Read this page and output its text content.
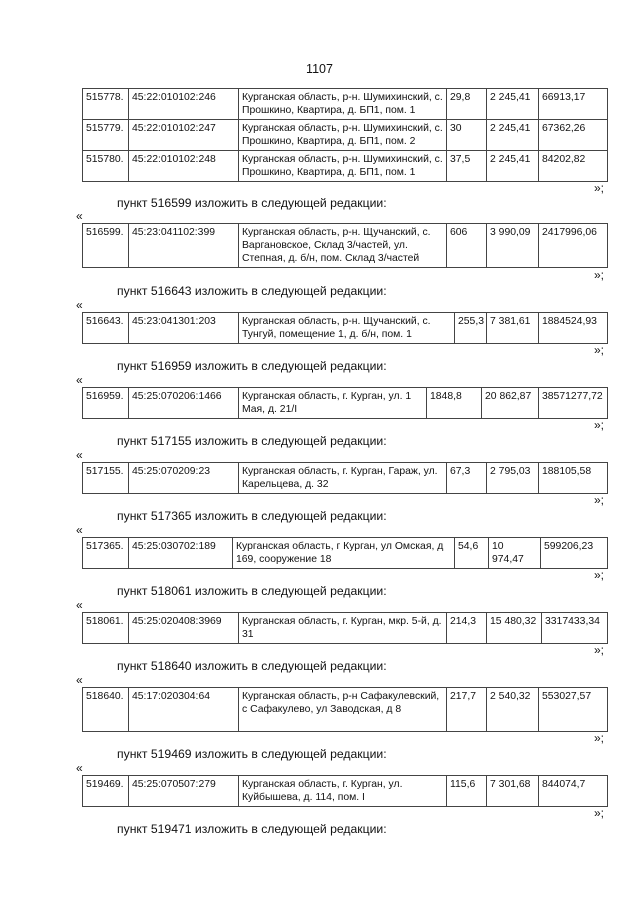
1107
515778.	45:22:010102:246	Курганская область, р-н. Шумихинский, с. Прошкино, Квартира, д. БП1, пом. 1	29,8	2 245,41	66913,17
515779.	45:22:010102:247	Курганская область, р-н. Шумихинский, с. Прошкино, Квартира, д. БП1, пом. 2	30	2 245,41	67362,26
515780.	45:22:010102:248	Курганская область, р-н. Шумихинский, с. Прошкино, Квартира, д. БП1, пом. 1	37,5	2 245,41	84202,82
»;
пункт 516599 изложить в следующей редакции:
«
516599.	45:23:041102:399	Курганская область, р-н. Щучанский, с. Варгановское, Склад 3/частей, ул. Степная, д. б/н, пом. Склад 3/частей	606	3 990,09	2417996,06
»;
пункт 516643 изложить в следующей редакции:
«
516643.	45:23:041301:203	Курганская область, р-н. Щучанский, с. Тунгуй, помещение 1, д. б/н, пом. 1	255,3	7 381,61	1884524,93
»;
пункт 516959 изложить в следующей редакции:
«
516959.	45:25:070206:1466	Курганская область, г. Курган, ул. 1 Мая, д. 21/I	1848,8	20 862,87	38571277,72
»;
пункт 517155 изложить в следующей редакции:
«
517155.	45:25:070209:23	Курганская область, г. Курган, Гараж, ул. Карельцева, д. 32	67,3	2 795,03	188105,58
»;
пункт 517365 изложить в следующей редакции:
«
517365.	45:25:030702:189	Курганская область, г Курган, ул Омская, д 169, сооружение 18	54,6	10 974,47	599206,23
»;
пункт 518061 изложить в следующей редакции:
«
518061.	45:25:020408:3969	Курганская область, г. Курган, мкр. 5-й, д. 31	214,3	15 480,32	3317433,34
»;
пункт 518640 изложить в следующей редакции:
«
518640.	45:17:020304:64	Курганская область, р-н Сафакулевский, с Сафакулево, ул Заводская, д 8	217,7	2 540,32	553027,57
»;
пункт 519469 изложить в следующей редакции:
«
519469.	45:25:070507:279	Курганская область, г. Курган, ул. Куйбышева, д. 114, пом. I	115,6	7 301,68	844074,7
»;
пункт 519471 изложить в следующей редакции:
